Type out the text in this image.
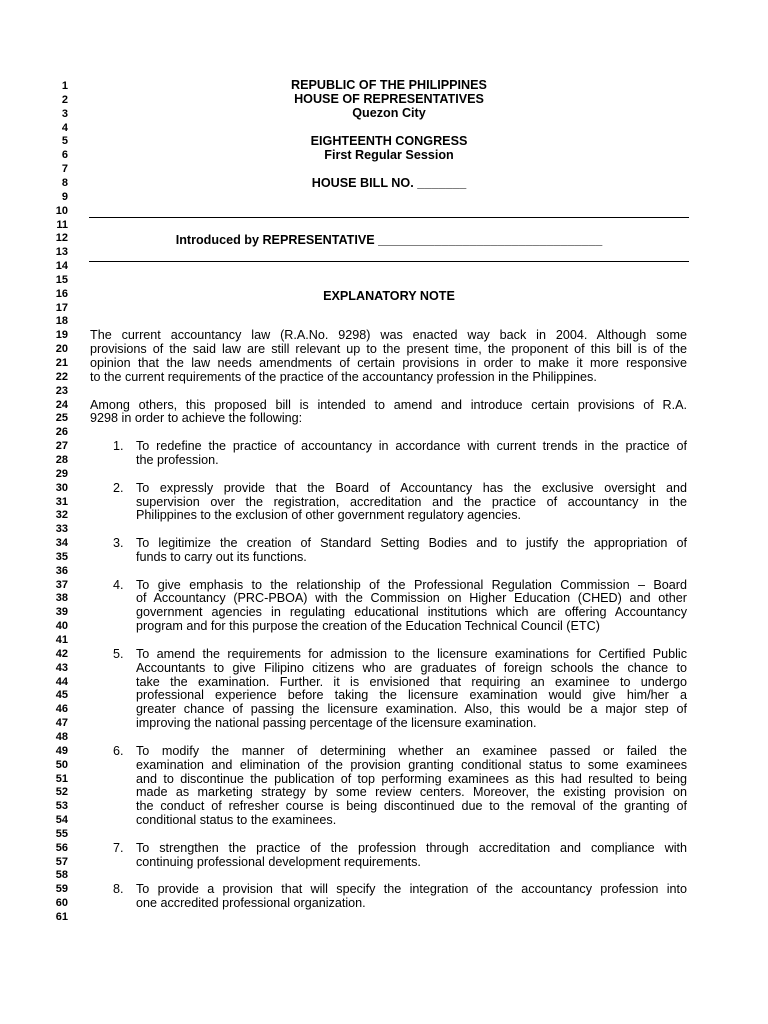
1
2
3
4
5
6
7
8
9
10
11
12
13
14
15
16
17
18
19
20
21
22
23
24
25
26
27
28
29
30
31
32
33
34
35
36
37
38
39
40
41
42
43
44
45
46
47
48
49
50
51
52
53
54
55
56
57
58
59
60
61
REPUBLIC OF THE PHILIPPINES
HOUSE OF REPRESENTATIVES
Quezon City
EIGHTEENTH CONGRESS
First Regular Session
HOUSE BILL NO. _______
Introduced by REPRESENTATIVE ________________________________
EXPLANATORY NOTE
The current accountancy law (R.A.No. 9298) was enacted way back in 2004. Although some
provisions of the said law are still relevant up to the present time, the proponent of this bill is of the
opinion that the law needs amendments of certain provisions in order to make it more responsive
to the current requirements of the practice of the accountancy profession in the Philippines.
Among others, this proposed bill is intended to amend and introduce certain provisions of R.A.
9298 in order to achieve the following:
1. To redefine the practice of accountancy in accordance with current trends in the practice of
the profession.
2. To expressly provide that the Board of Accountancy has the exclusive oversight and
supervision over the registration, accreditation and the practice of accountancy in the
Philippines to the exclusion of other government regulatory agencies.
3. To legitimize the creation of Standard Setting Bodies and to justify the appropriation of
funds to carry out its functions.
4. To give emphasis to the relationship of the Professional Regulation Commission – Board
of Accountancy (PRC-PBOA) with the Commission on Higher Education (CHED) and other
government agencies in regulating educational institutions which are offering Accountancy
program and for this purpose the creation of the Education Technical Council (ETC)
5. To amend the requirements for admission to the licensure examinations for Certified Public
Accountants to give Filipino citizens who are graduates of foreign schools the chance to
take the examination. Further. it is envisioned that requiring an examinee to undergo
professional experience before taking the licensure examination would give him/her a
greater chance of passing the licensure examination. Also, this would be a major step of
improving the national passing percentage of the licensure examination.
6. To modify the manner of determining whether an examinee passed or failed the
examination and elimination of the provision granting conditional status to some examinees
and to discontinue the publication of top performing examinees as this had resulted to being
made as marketing strategy by some review centers. Moreover, the existing provision on
the conduct of refresher course is being discontinued due to the removal of the granting of
conditional status to the examinees.
7. To strengthen the practice of the profession through accreditation and compliance with
continuing professional development requirements.
8. To provide a provision that will specify the integration of the accountancy profession into
one accredited professional organization.
